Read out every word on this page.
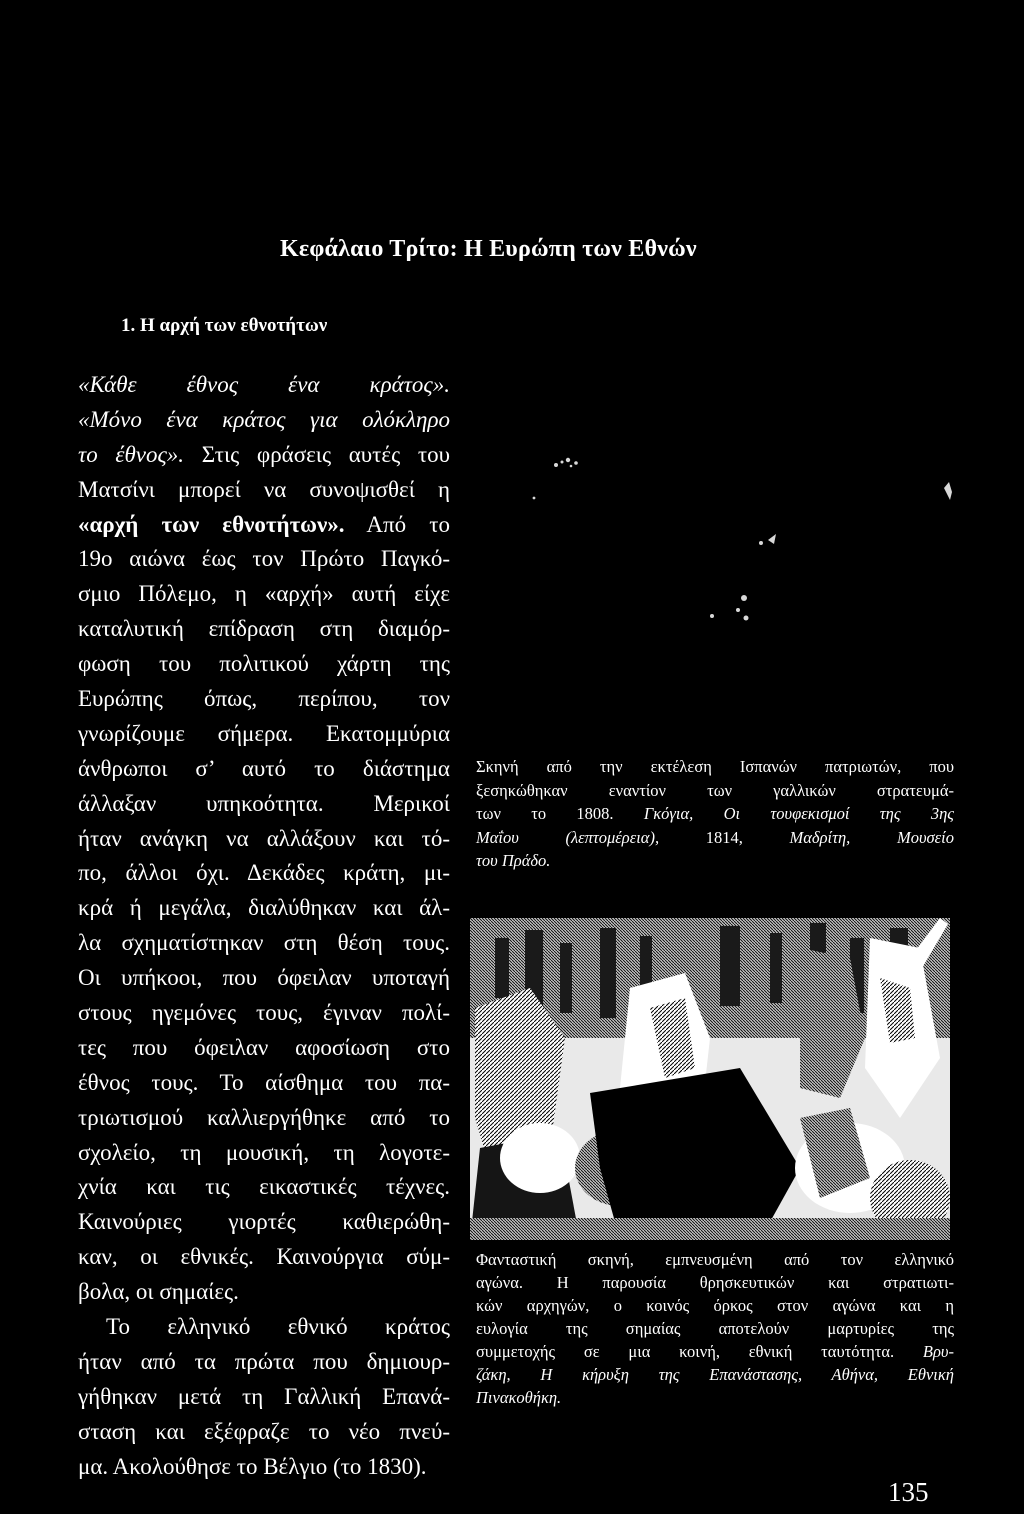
Κεφάλαιο Τρίτο: Η Ευρώπη των Εθνών
1. Η αρχή των εθνοτήτων
«Κάθε έθνος ένα κράτος».
«Μόνο ένα κράτος για ολόκληρο
το έθνος». Στις φράσεις αυτές του
Ματσίνι μπορεί να συνοψισθεί η
«αρχή των εθνοτήτων». Από το
19ο αιώνα έως τον Πρώτο Παγκό-
σμιο Πόλεμο, η «αρχή» αυτή είχε
καταλυτική επίδραση στη διαμόρ-
φωση του πολιτικού χάρτη της
Ευρώπης όπως, περίπου, τον
γνωρίζουμε σήμερα. Εκατομμύρια
άνθρωποι σ’ αυτό το διάστημα
άλλαξαν υπηκοότητα. Μερικοί
ήταν ανάγκη να αλλάξουν και τό-
πο, άλλοι όχι. Δεκάδες κράτη, μι-
κρά ή μεγάλα, διαλύθηκαν και άλ-
λα σχηματίστηκαν στη θέση τους.
Οι υπήκοοι, που όφειλαν υποταγή
στους ηγεμόνες τους, έγιναν πολί-
τες που όφειλαν αφοσίωση στο
έθνος τους. Το αίσθημα του πα-
τριωτισμού καλλιεργήθηκε από το
σχολείο, τη μουσική, τη λογοτε-
χνία και τις εικαστικές τέχνες.
Καινούριες γιορτές καθιερώθη-
καν, οι εθνικές. Καινούργια σύμ-
βολα, οι σημαίες.
Το ελληνικό εθνικό κράτος
ήταν από τα πρώτα που δημιουρ-
γήθηκαν μετά τη Γαλλική Επανά-
σταση και εξέφραζε το νέο πνεύ-
μα. Ακολούθησε το Βέλγιο (το 1830).
Σκηνή από την εκτέλεση Ισπανών πατριωτών, που
ξεσηκώθηκαν εναντίον των γαλλικών στρατευμά-
των το 1808. Γκόγια, Οι τουφεκισμοί της 3ης
Μαΐου (λεπτομέρεια), 1814, Μαδρίτη, Μουσείο
του Πράδο.
Φανταστική σκηνή, εμπνευσμένη από τον ελληνικό
αγώνα. Η παρουσία θρησκευτικών και στρατιωτι-
κών αρχηγών, ο κοινός όρκος στον αγώνα και η
ευλογία της σημαίας αποτελούν μαρτυρίες της
συμμετοχής σε μια κοινή, εθνική ταυτότητα. Βρυ-
ζάκη, Η κήρυξη της Επανάστασης, Αθήνα, Εθνική
Πινακοθήκη.
135
